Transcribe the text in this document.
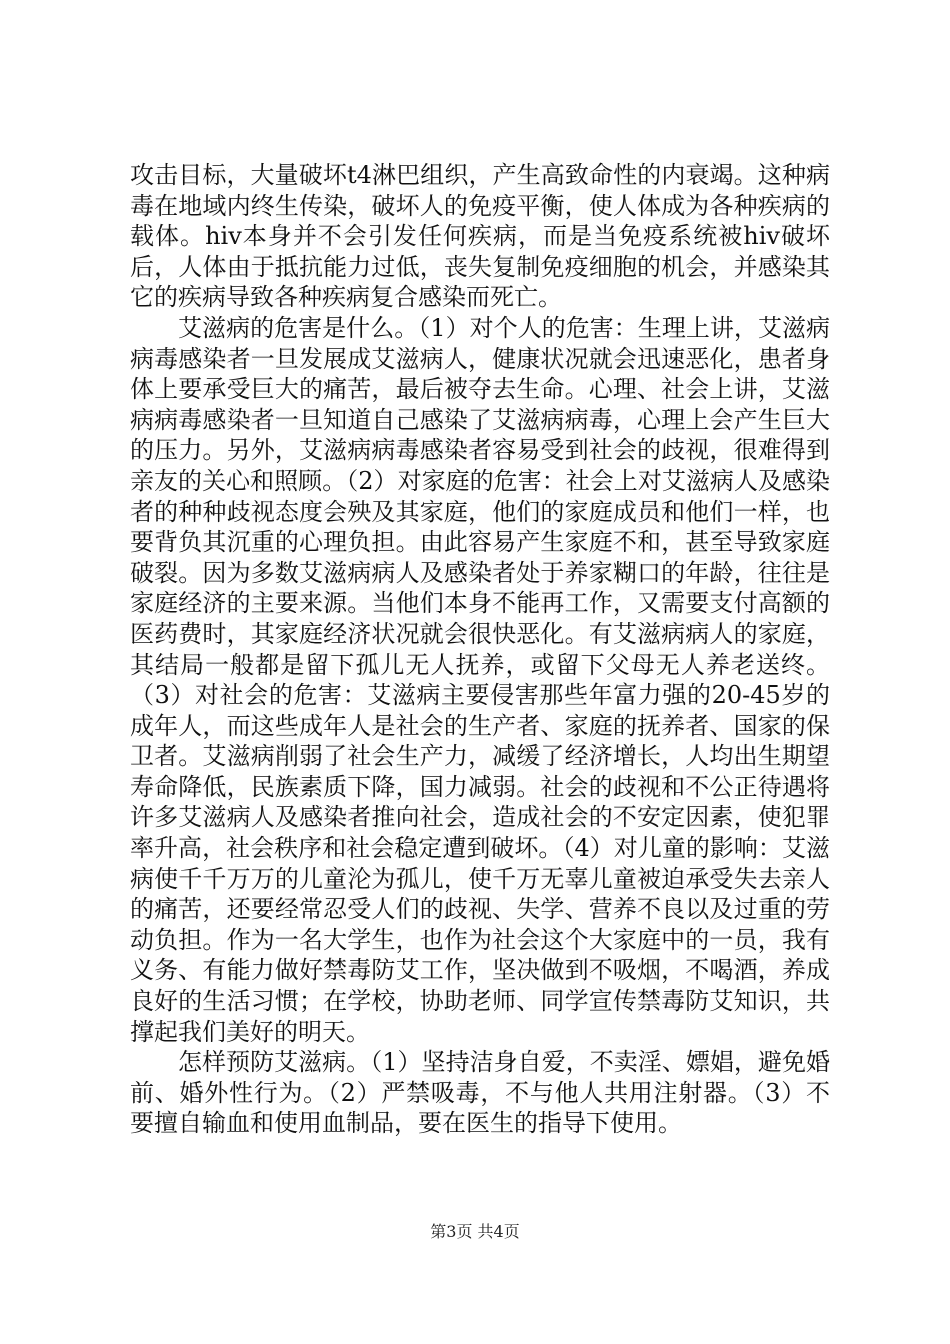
攻击目标，大量破坏t4淋巴组织，产生高致命性的内衰竭。这种病毒在地域内终生传染，破坏人的免疫平衡，使人体成为各种疾病的载体。hiv本身并不会引发任何疾病，而是当免疫系统被hiv破坏后，人体由于抵抗能力过低，丧失复制免疫细胞的机会，并感染其它的疾病导致各种疾病复合感染而死亡。

艾滋病的危害是什么。（1）对个人的危害：生理上讲，艾滋病病毒感染者一旦发展成艾滋病人，健康状况就会迅速恶化，患者身体上要承受巨大的痛苦，最后被夺去生命。心理、社会上讲，艾滋病病毒感染者一旦知道自己感染了艾滋病病毒，心理上会产生巨大的压力。另外，艾滋病病毒感染者容易受到社会的歧视，很难得到亲友的关心和照顾。（2）对家庭的危害：社会上对艾滋病人及感染者的种种歧视态度会殃及其家庭，他们的家庭成员和他们一样，也要背负其沉重的心理负担。由此容易产生家庭不和，甚至导致家庭破裂。因为多数艾滋病病人及感染者处于养家糊口的年龄，往往是家庭经济的主要来源。当他们本身不能再工作，又需要支付高额的医药费时，其家庭经济状况就会很快恶化。有艾滋病病人的家庭，其结局一般都是留下孤儿无人抚养，或留下父母无人养老送终。（3）对社会的危害：艾滋病主要侵害那些年富力强的20-45岁的成年人，而这些成年人是社会的生产者、家庭的抚养者、国家的保卫者。艾滋病削弱了社会生产力，减缓了经济增长，人均出生期望寿命降低，民族素质下降，国力减弱。社会的歧视和不公正待遇将许多艾滋病人及感染者推向社会，造成社会的不安定因素，使犯罪率升高，社会秩序和社会稳定遭到破坏。（4）对儿童的影响：艾滋病使千千万万的儿童沦为孤儿，使千万无辜儿童被迫承受失去亲人的痛苦，还要经常忍受人们的歧视、失学、营养不良以及过重的劳动负担。作为一名大学生，也作为社会这个大家庭中的一员，我有义务、有能力做好禁毒防艾工作，坚决做到不吸烟，不喝酒，养成良好的生活习惯；在学校，协助老师、同学宣传禁毒防艾知识，共撑起我们美好的明天。

怎样预防艾滋病。（1）坚持洁身自爱，不卖淫、嫖娼，避免婚前、婚外性行为。（2）严禁吸毒，不与他人共用注射器。（3）不要擅自输血和使用血制品，要在医生的指导下使用。

第3页 共4页
